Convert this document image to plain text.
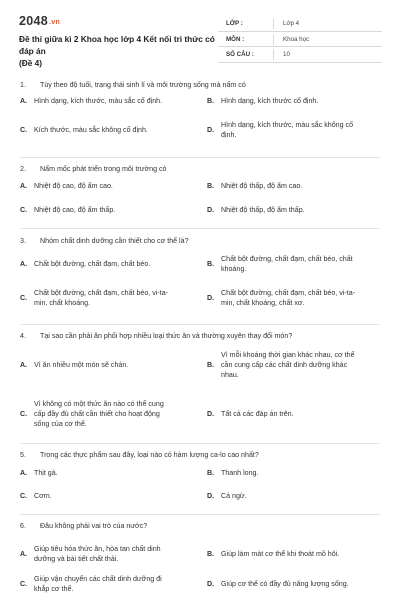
2048.vn
Đề thi giữa kì 2 Khoa học lớp 4 Kết nối tri thức có đáp án
(Đề 4)
LỚP :	Lớp 4
MÔN :	Khoa học
SỐ CÂU :	10
1.	Tùy theo độ tuổi, trạng thái sinh lí và môi trường sống mà nấm có
2.	Nấm mốc phát triển trong môi trường có
3.	Nhóm chất dinh dưỡng cần thiết cho cơ thể là?
4.	Tại sao cần phải ăn phối hợp nhiều loại thức ăn và thường xuyên thay đổi món?
5.	Trong các thực phẩm sau đây, loại nào có hàm lượng ca-lo cao nhất?
6.	Đâu không phải vai trò của nước?
A. Hình dạng, kích thước, màu sắc cố định.	B. Hình dạng, kích thước cố định.
C. Kích thước, màu sắc không cố định.	D.
Hình dạng, kích thước, màu sắc không cố
định.
A. Nhiệt độ cao, độ ẩm cao.	B. Nhiệt độ thấp, độ ẩm cao.
C. Nhiệt độ cao, độ ẩm thấp.	D. Nhiệt độ thấp, độ ẩm thấp.
A. Chất bột đường, chất đạm, chất béo.	B.
Chất bột đường, chất đạm, chất béo, chất
khoáng.
C.
Chất bột đường, chất đạm, chất béo, vi-ta-
min, chất khoáng.
D.
Chất bột đường, chất đạm, chất béo, vi-ta-
min, chất khoáng, chất xơ.
A. Vì ăn nhiều một món sẽ chán.	B.
Vì mỗi khoáng thời gian khác nhau, cơ thể
cần cung cấp các chất dinh dưỡng khác
nhau.
C.
Vì không có một thức ăn nào có thể cung
cấp đầy đủ chất cần thiết cho hoạt động
sống của cơ thể.
D. Tất cả các đáp án trên.
A. Thịt gà.	B. Thanh long.
C. Cơm.	D. Cá ngừ.
A.
Giúp tiêu hóa thức ăn, hòa tan chất dinh
dưỡng và bài tiết chất thải.
B. Giúp làm mát cơ thể khi thoát mồ hôi.
C.
Giúp vận chuyển các chất dinh dưỡng đi
khắp cơ thể.
D. Giúp cơ thể có đầy đủ năng lượng sống.
